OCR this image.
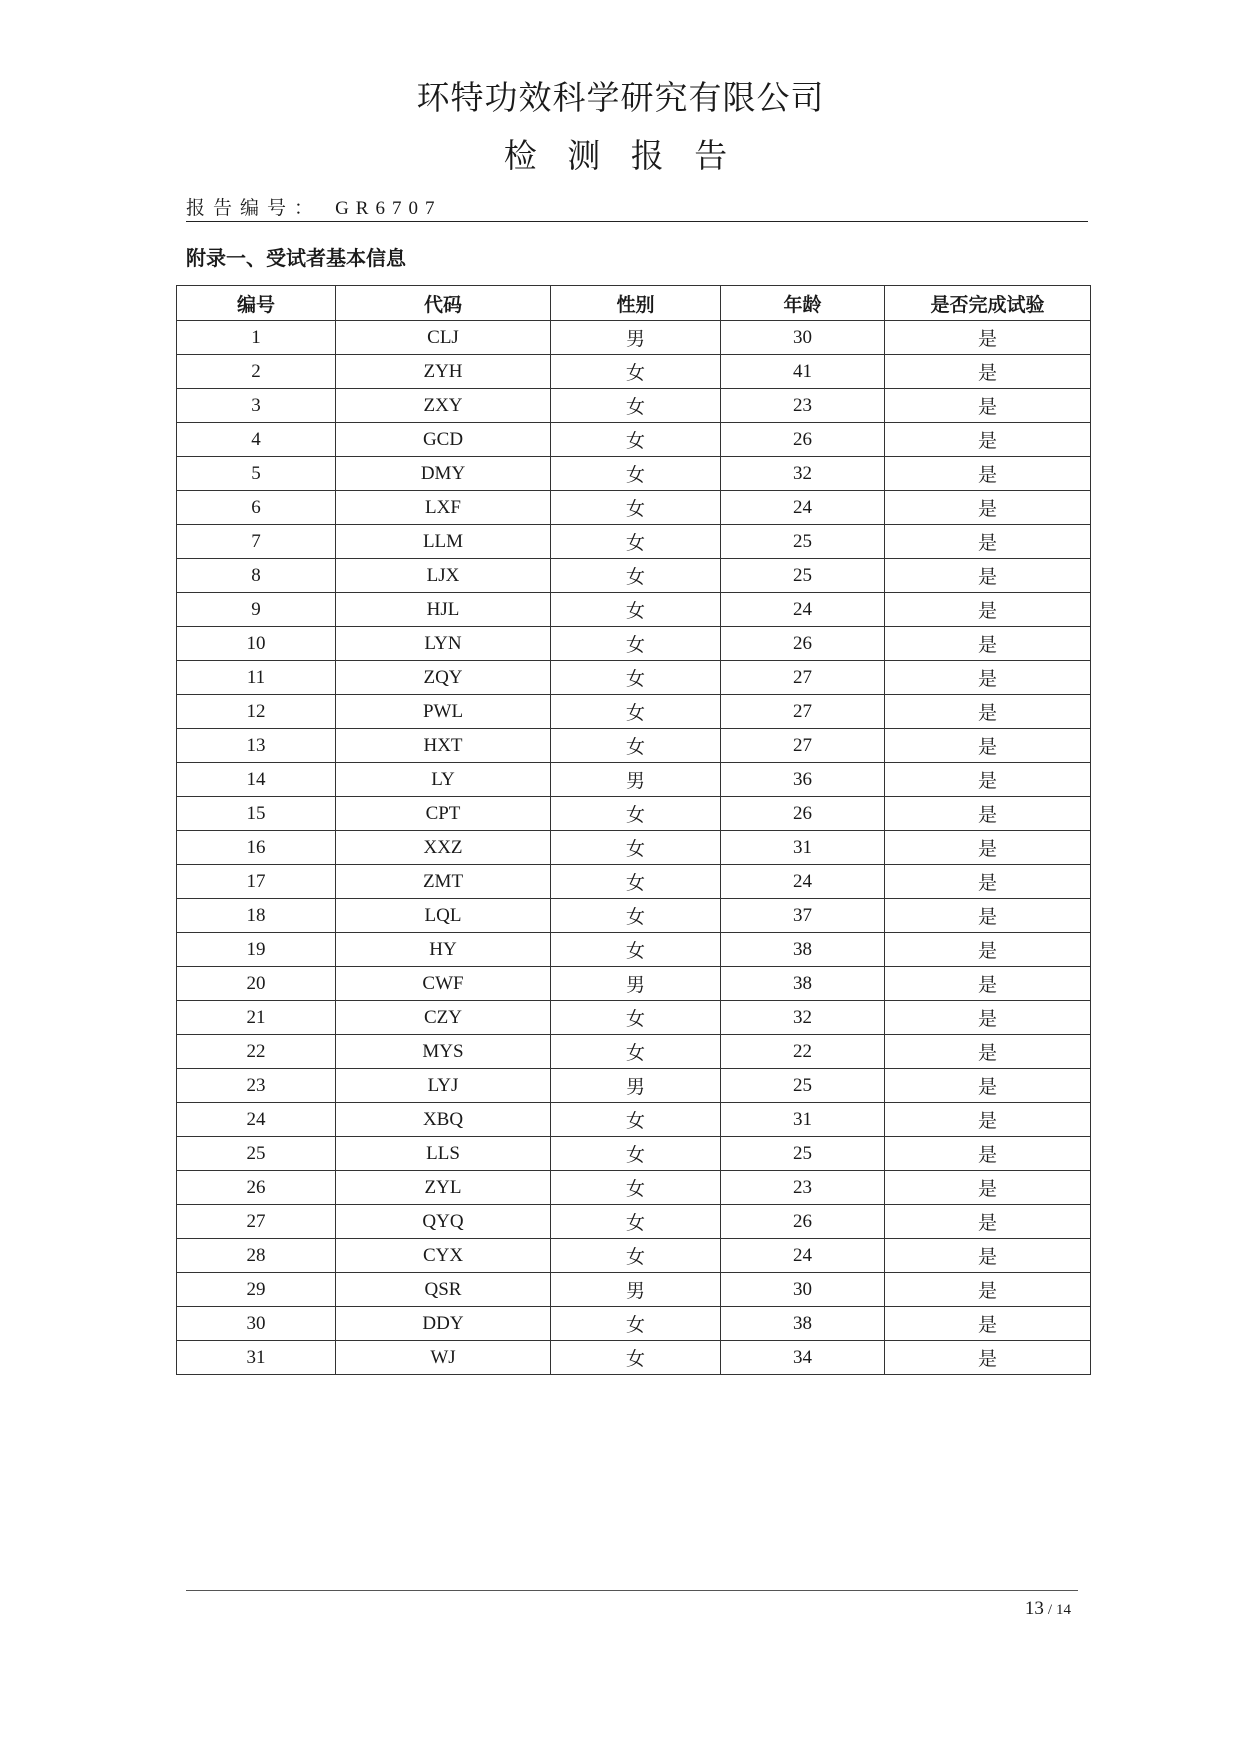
环特功效科学研究有限公司
检 测 报 告
报告编号： GR6707
附录一、受试者基本信息
编号	代码	性别	年龄	是否完成试验
1	CLJ	男	30	是
2	ZYH	女	41	是
3	ZXY	女	23	是
4	GCD	女	26	是
5	DMY	女	32	是
6	LXF	女	24	是
7	LLM	女	25	是
8	LJX	女	25	是
9	HJL	女	24	是
10	LYN	女	26	是
11	ZQY	女	27	是
12	PWL	女	27	是
13	HXT	女	27	是
14	LY	男	36	是
15	CPT	女	26	是
16	XXZ	女	31	是
17	ZMT	女	24	是
18	LQL	女	37	是
19	HY	女	38	是
20	CWF	男	38	是
21	CZY	女	32	是
22	MYS	女	22	是
23	LYJ	男	25	是
24	XBQ	女	31	是
25	LLS	女	25	是
26	ZYL	女	23	是
27	QYQ	女	26	是
28	CYX	女	24	是
29	QSR	男	30	是
30	DDY	女	38	是
31	WJ	女	34	是
13 / 14
